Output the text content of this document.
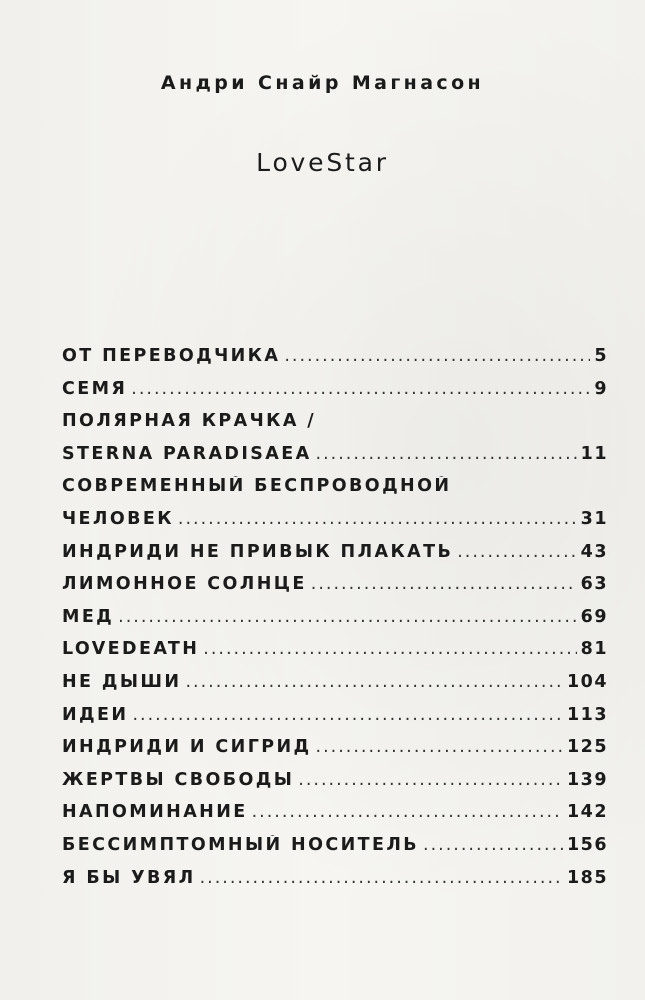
Андри Снайр Магнасон
LoveStar
ОТ ПЕРЕВОДЧИКА .....	5
СЕМЯ .....	9
ПОЛЯРНАЯ КРАЧКА /
STERNA PARADISAEA .....	11
СОВРЕМЕННЫЙ БЕСПРОВОДНОЙ
ЧЕЛОВЕК .....	31
ИНДРИДИ НЕ ПРИВЫК ПЛАКАТЬ .....	43
ЛИМОННОЕ СОЛНЦЕ .....	63
МЕД .....	69
LOVEDEATH .....	81
НЕ ДЫШИ .....	104
ИДЕИ .....	113
ИНДРИДИ И СИГРИД .....	125
ЖЕРТВЫ СВОБОДЫ .....	139
НАПОМИНАНИЕ .....	142
БЕССИМПТОМНЫЙ НОСИТЕЛЬ .....	156
Я БЫ УВЯЛ .....	185
